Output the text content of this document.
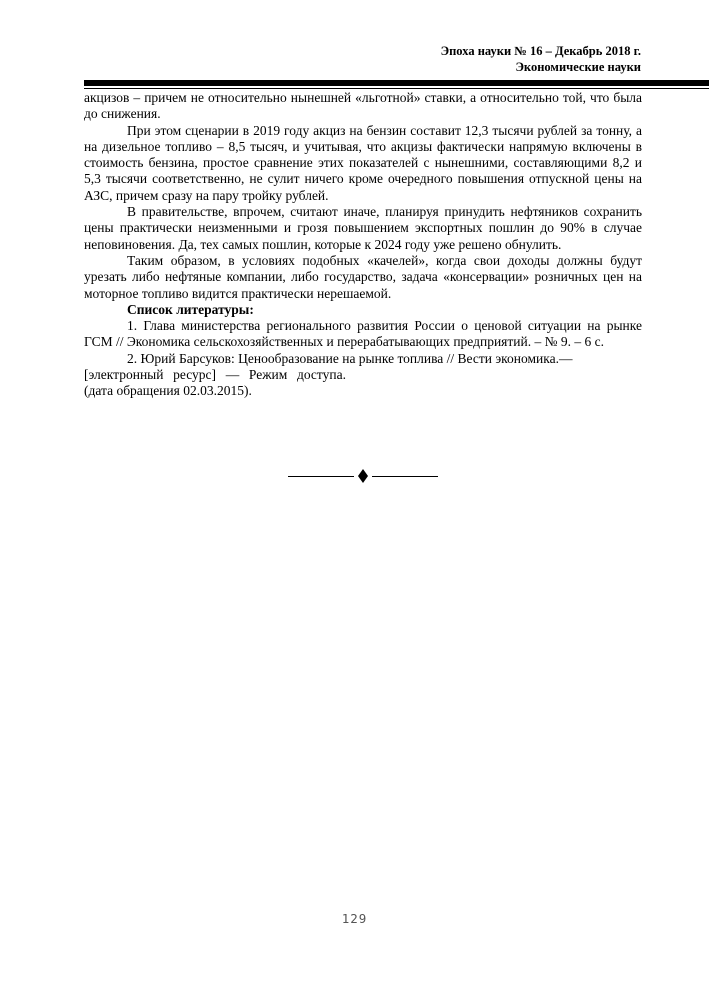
Эпоха науки № 16 – Декабрь 2018 г.
Экономические науки

акцизов – причем не относительно нынешней «льготной» ставки, а относительно той, что была до снижения.

При этом сценарии в 2019 году акциз на бензин составит 12,3 тысячи рублей за тонну, а на дизельное топливо – 8,5 тысяч, и учитывая, что акцизы фактически напрямую включены в стоимость бензина, простое сравнение этих показателей с нынешними, составляющими 8,2 и 5,3 тысячи соответственно, не сулит ничего кроме очередного повышения отпускной цены на АЗС, причем сразу на пару тройку рублей.

В правительстве, впрочем, считают иначе, планируя принудить нефтяников сохранить цены практически неизменными и грозя повышением экспортных пошлин до 90% в случае неповиновения. Да, тех самых пошлин, которые к 2024 году уже решено обнулить.

Таким образом, в условиях подобных «качелей», когда свои доходы должны будут урезать либо нефтяные компании, либо государство, задача «консервации» розничных цен на моторное топливо видится практически нерешаемой.

Список литературы:

1. Глава министерства регионального развития России о ценовой ситуации на рынке ГСМ // Экономика сельскохозяйственных и перерабатывающих предприятий. – № 9. – 6 с.

2. Юрий Барсуков: Ценообразование на рынке топлива // Вести экономика.—
[электронный ресурс] — Режим доступа.
(дата обращения 02.03.2015).
129
